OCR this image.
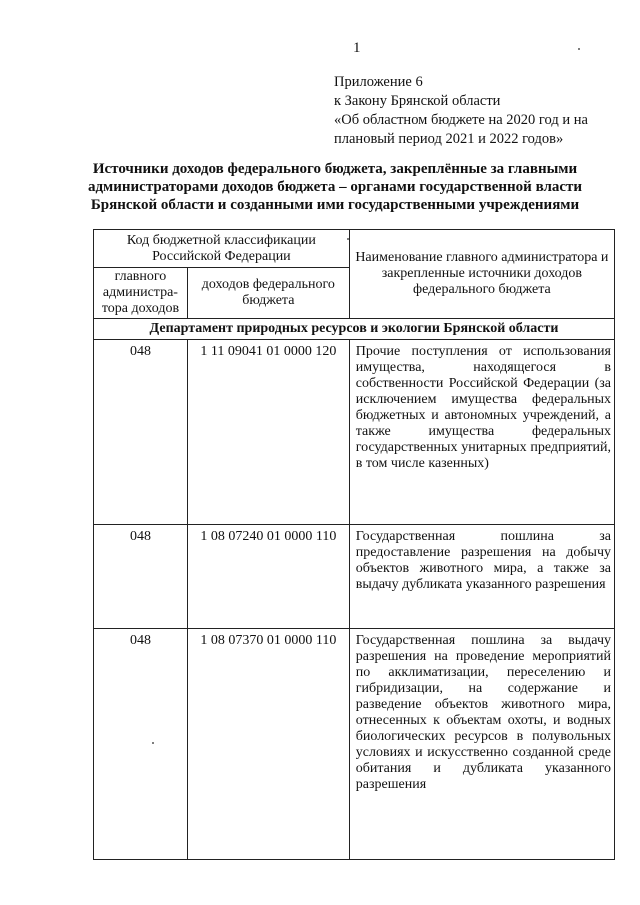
1
Приложение 6
к Закону Брянской области
«Об областном бюджете на 2020 год и на
плановый период 2021 и 2022 годов»
Источники доходов федерального бюджета, закреплённые за главными
администраторами доходов бюджета – органами государственной власти
Брянской области и созданными ими государственными учреждениями
Код бюджетной классификации Российской Федерации		Наименование главного администратора и закрепленные источники доходов федерального бюджета
главного администра-тора доходов	доходов федерального бюджета	
Департамент природных ресурсов и экологии Брянской области		
048	1 11 09041 01 0000 120	Прочие поступления от использования имущества, находящегося в собственности Российской Федерации (за исключением имущества федеральных бюджетных и автономных учреждений, а также имущества федеральных государственных унитарных предприятий, в том числе казенных)
048	1 08 07240 01 0000 110	Государственная пошлина за предоставление разрешения на добычу объектов животного мира, а также за выдачу дубликата указанного разрешения
048	1 08 07370 01 0000 110	Государственная пошлина за выдачу разрешения на проведение мероприятий по акклиматизации, переселению и гибридизации, на содержание и разведение объектов животного мира, отнесенных к объектам охоты, и водных биологических ресурсов в полувольных условиях и искусственно созданной среде обитания и дубликата указанного разрешения
